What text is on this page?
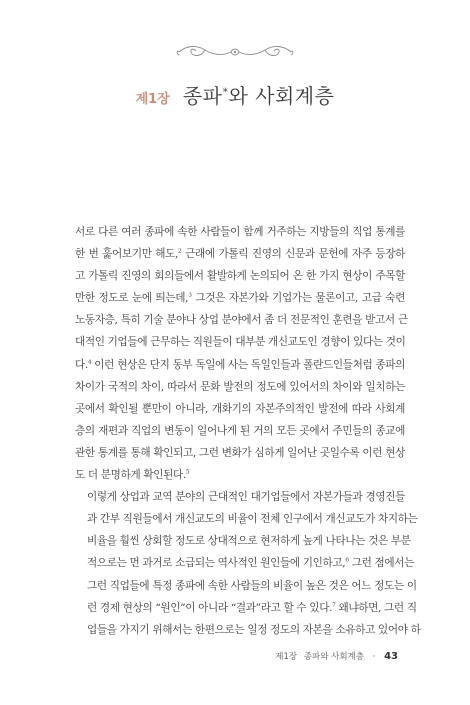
제1장 종파*와 사회계층
서로 다른 여러 종파에 속한 사람들이 함께 거주하는 지방들의 직업 통계를
한 번 훑어보기만 해도,$^2$ 근래에 가톨릭 진영의 신문과 문헌에 자주 등장하
고 가톨릭 진영의 회의들에서 활발하게 논의되어 온 한 가지 현상이 주목할
만한 정도로 눈에 띄는데,$^3$ 그것은 자본가와 기업가는 물론이고, 고급 숙련
노동자층, 특히 기술 분야나 상업 분야에서 좀 더 전문적인 훈련을 받고서 근
대적인 기업들에 근무하는 직원들이 대부분 개신교도인 경향이 있다는 것이
다.$^4$ 이런 현상은 단지 동부 독일에 사는 독일인들과 폴란드인들처럼 종파의
차이가 국적의 차이, 따라서 문화 발전의 정도에 있어서의 차이와 일치하는
곳에서 확인될 뿐만이 아니라, 개화기의 자본주의적인 발전에 따라 사회계
층의 재편과 직업의 변동이 일어나게 된 거의 모든 곳에서 주민들의 종교에
관한 통계를 통해 확인되고, 그런 변화가 심하게 일어난 곳일수록 이런 현상
도 더 분명하게 확인된다.$^5$
이렇게 상업과 교역 분야의 근대적인 대기업들에서 자본가들과 경영진들
과 간부 직원들에서 개신교도의 비율이 전체 인구에서 개신교도가 차지하는
비율을 훨씬 상회할 정도로 상대적으로 현저하게 높게 나타나는 것은 부분
적으로는 먼 과거로 소급되는 역사적인 원인들에 기인하고,$^6$ 그런 점에서는
그런 직업들에 특정 종파에 속한 사람들의 비율이 높은 것은 어느 정도는 이
런 경제 현상의 “원인”이 아니라 “결과”라고 할 수 있다.$^7$ 왜냐하면, 그런 직
업들을 가지기 위해서는 한편으로는 일정 정도의 자본을 소유하고 있어야 하
제1장 종파와 사회계층 · 43
